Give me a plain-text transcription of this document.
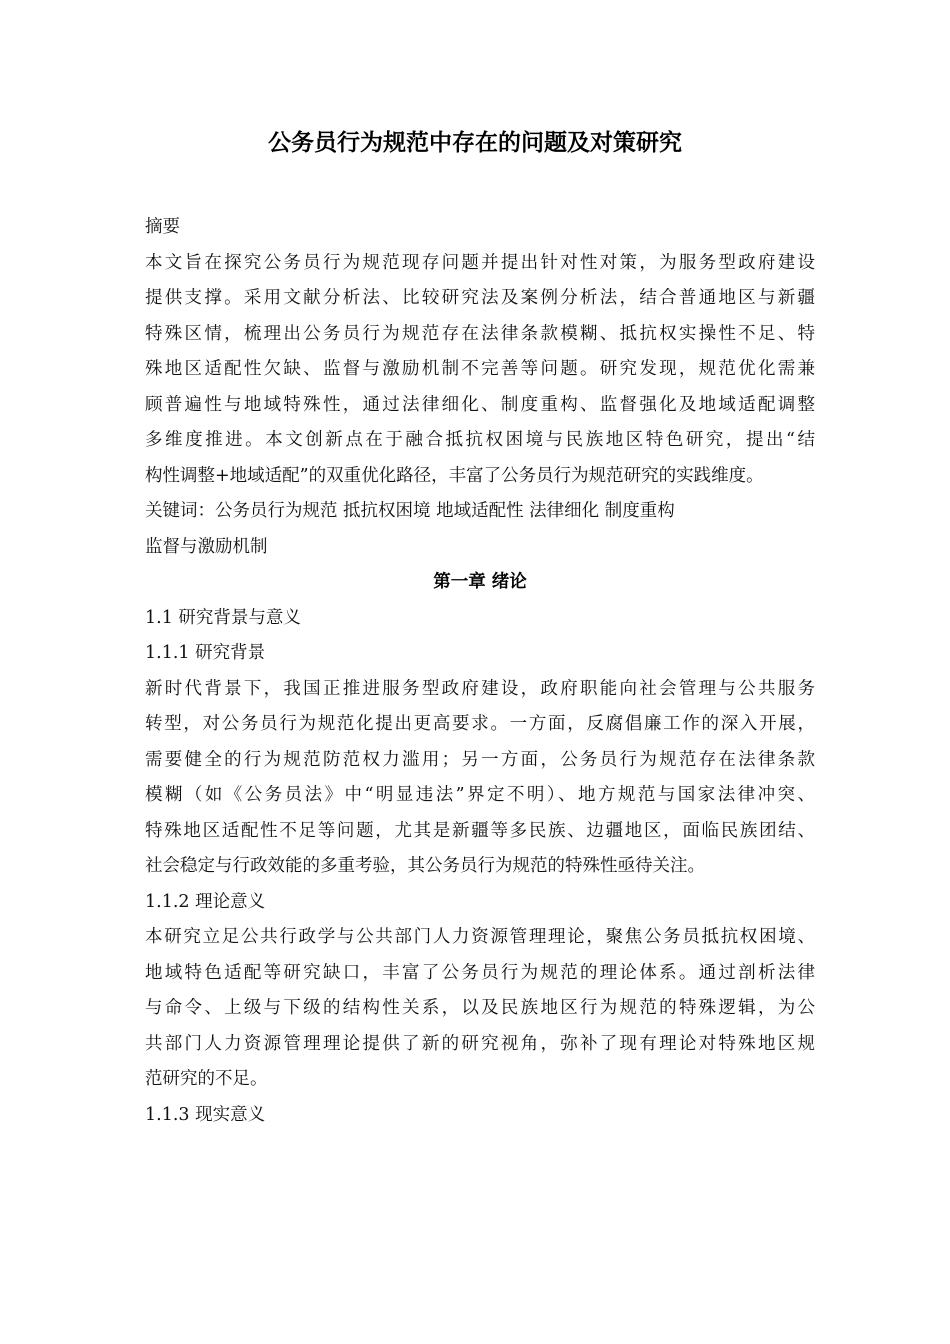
公务员行为规范中存在的问题及对策研究
摘要
本文旨在探究公务员行为规范现存问题并提出针对性对策，为服务型政府建设
提供支撑。采用文献分析法、比较研究法及案例分析法，结合普通地区与新疆
特殊区情，梳理出公务员行为规范存在法律条款模糊、抵抗权实操性不足、特
殊地区适配性欠缺、监督与激励机制不完善等问题。研究发现，规范优化需兼
顾普遍性与地域特殊性，通过法律细化、制度重构、监督强化及地域适配调整
多维度推进。本文创新点在于融合抵抗权困境与民族地区特色研究，提出“结
构性调整+地域适配”的双重优化路径，丰富了公务员行为规范研究的实践维度。
关键词：公务员行为规范 抵抗权困境 地域适配性 法律细化 制度重构
监督与激励机制
第一章 绪论
1.1 研究背景与意义
1.1.1 研究背景
新时代背景下，我国正推进服务型政府建设，政府职能向社会管理与公共服务
转型，对公务员行为规范化提出更高要求。一方面，反腐倡廉工作的深入开展，
需要健全的行为规范防范权力滥用；另一方面，公务员行为规范存在法律条款
模糊（如《公务员法》中“明显违法”界定不明）、地方规范与国家法律冲突、
特殊地区适配性不足等问题，尤其是新疆等多民族、边疆地区，面临民族团结、
社会稳定与行政效能的多重考验，其公务员行为规范的特殊性亟待关注。
1.1.2 理论意义
本研究立足公共行政学与公共部门人力资源管理理论，聚焦公务员抵抗权困境、
地域特色适配等研究缺口，丰富了公务员行为规范的理论体系。通过剖析法律
与命令、上级与下级的结构性关系，以及民族地区行为规范的特殊逻辑，为公
共部门人力资源管理理论提供了新的研究视角，弥补了现有理论对特殊地区规
范研究的不足。
1.1.3 现实意义
